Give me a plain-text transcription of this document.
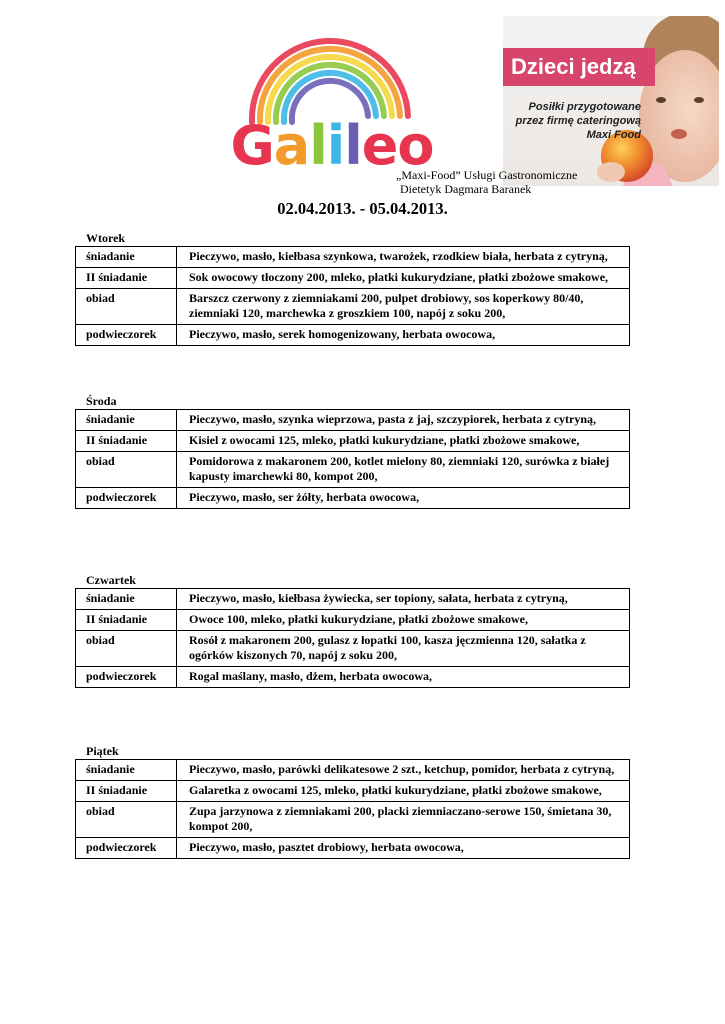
Galileo
Dzieci jedzą
Posiłki przygotowane
przez firmę cateringową
Maxi Food
„Maxi-Food” Usługi Gastronomiczne
Dietetyk Dagmara Baranek
02.04.2013. - 05.04.2013.
Wtorek
śniadanie	Pieczywo, masło, kiełbasa szynkowa, twarożek, rzodkiew biała, herbata z cytryną,
II śniadanie	Sok owocowy tłoczony 200, mleko, płatki kukurydziane, płatki zbożowe smakowe,
obiad	Barszcz czerwony z ziemniakami 200, pulpet drobiowy, sos koperkowy 80/40, ziemniaki 120, marchewka z groszkiem 100, napój z soku 200,
podwieczorek	Pieczywo, masło, serek homogenizowany, herbata owocowa,
Środa
śniadanie	Pieczywo, masło, szynka wieprzowa, pasta z jaj, szczypiorek, herbata z cytryną,
II śniadanie	Kisiel z owocami 125, mleko, płatki kukurydziane, płatki zbożowe smakowe,
obiad	Pomidorowa z makaronem 200, kotlet mielony 80, ziemniaki 120, surówka z białej kapusty imarchewki 80, kompot 200,
podwieczorek	Pieczywo, masło, ser żółty, herbata owocowa,
Czwartek
śniadanie	Pieczywo, masło, kiełbasa żywiecka, ser topiony, sałata, herbata z cytryną,
II śniadanie	Owoce 100, mleko, płatki kukurydziane, płatki zbożowe smakowe,
obiad	Rosół z makaronem 200, gulasz z łopatki 100, kasza jęczmienna 120, sałatka z ogórków kiszonych 70, napój z soku 200,
podwieczorek	Rogal maślany, masło, dżem, herbata owocowa,
Piątek
śniadanie	Pieczywo, masło, parówki delikatesowe 2 szt., ketchup, pomidor, herbata z cytryną,
II śniadanie	Galaretka z owocami 125, mleko, płatki kukurydziane, płatki zbożowe smakowe,
obiad	Zupa jarzynowa z ziemniakami 200, placki ziemniaczano-serowe 150, śmietana 30, kompot 200,
podwieczorek	Pieczywo, masło, pasztet drobiowy, herbata owocowa,
